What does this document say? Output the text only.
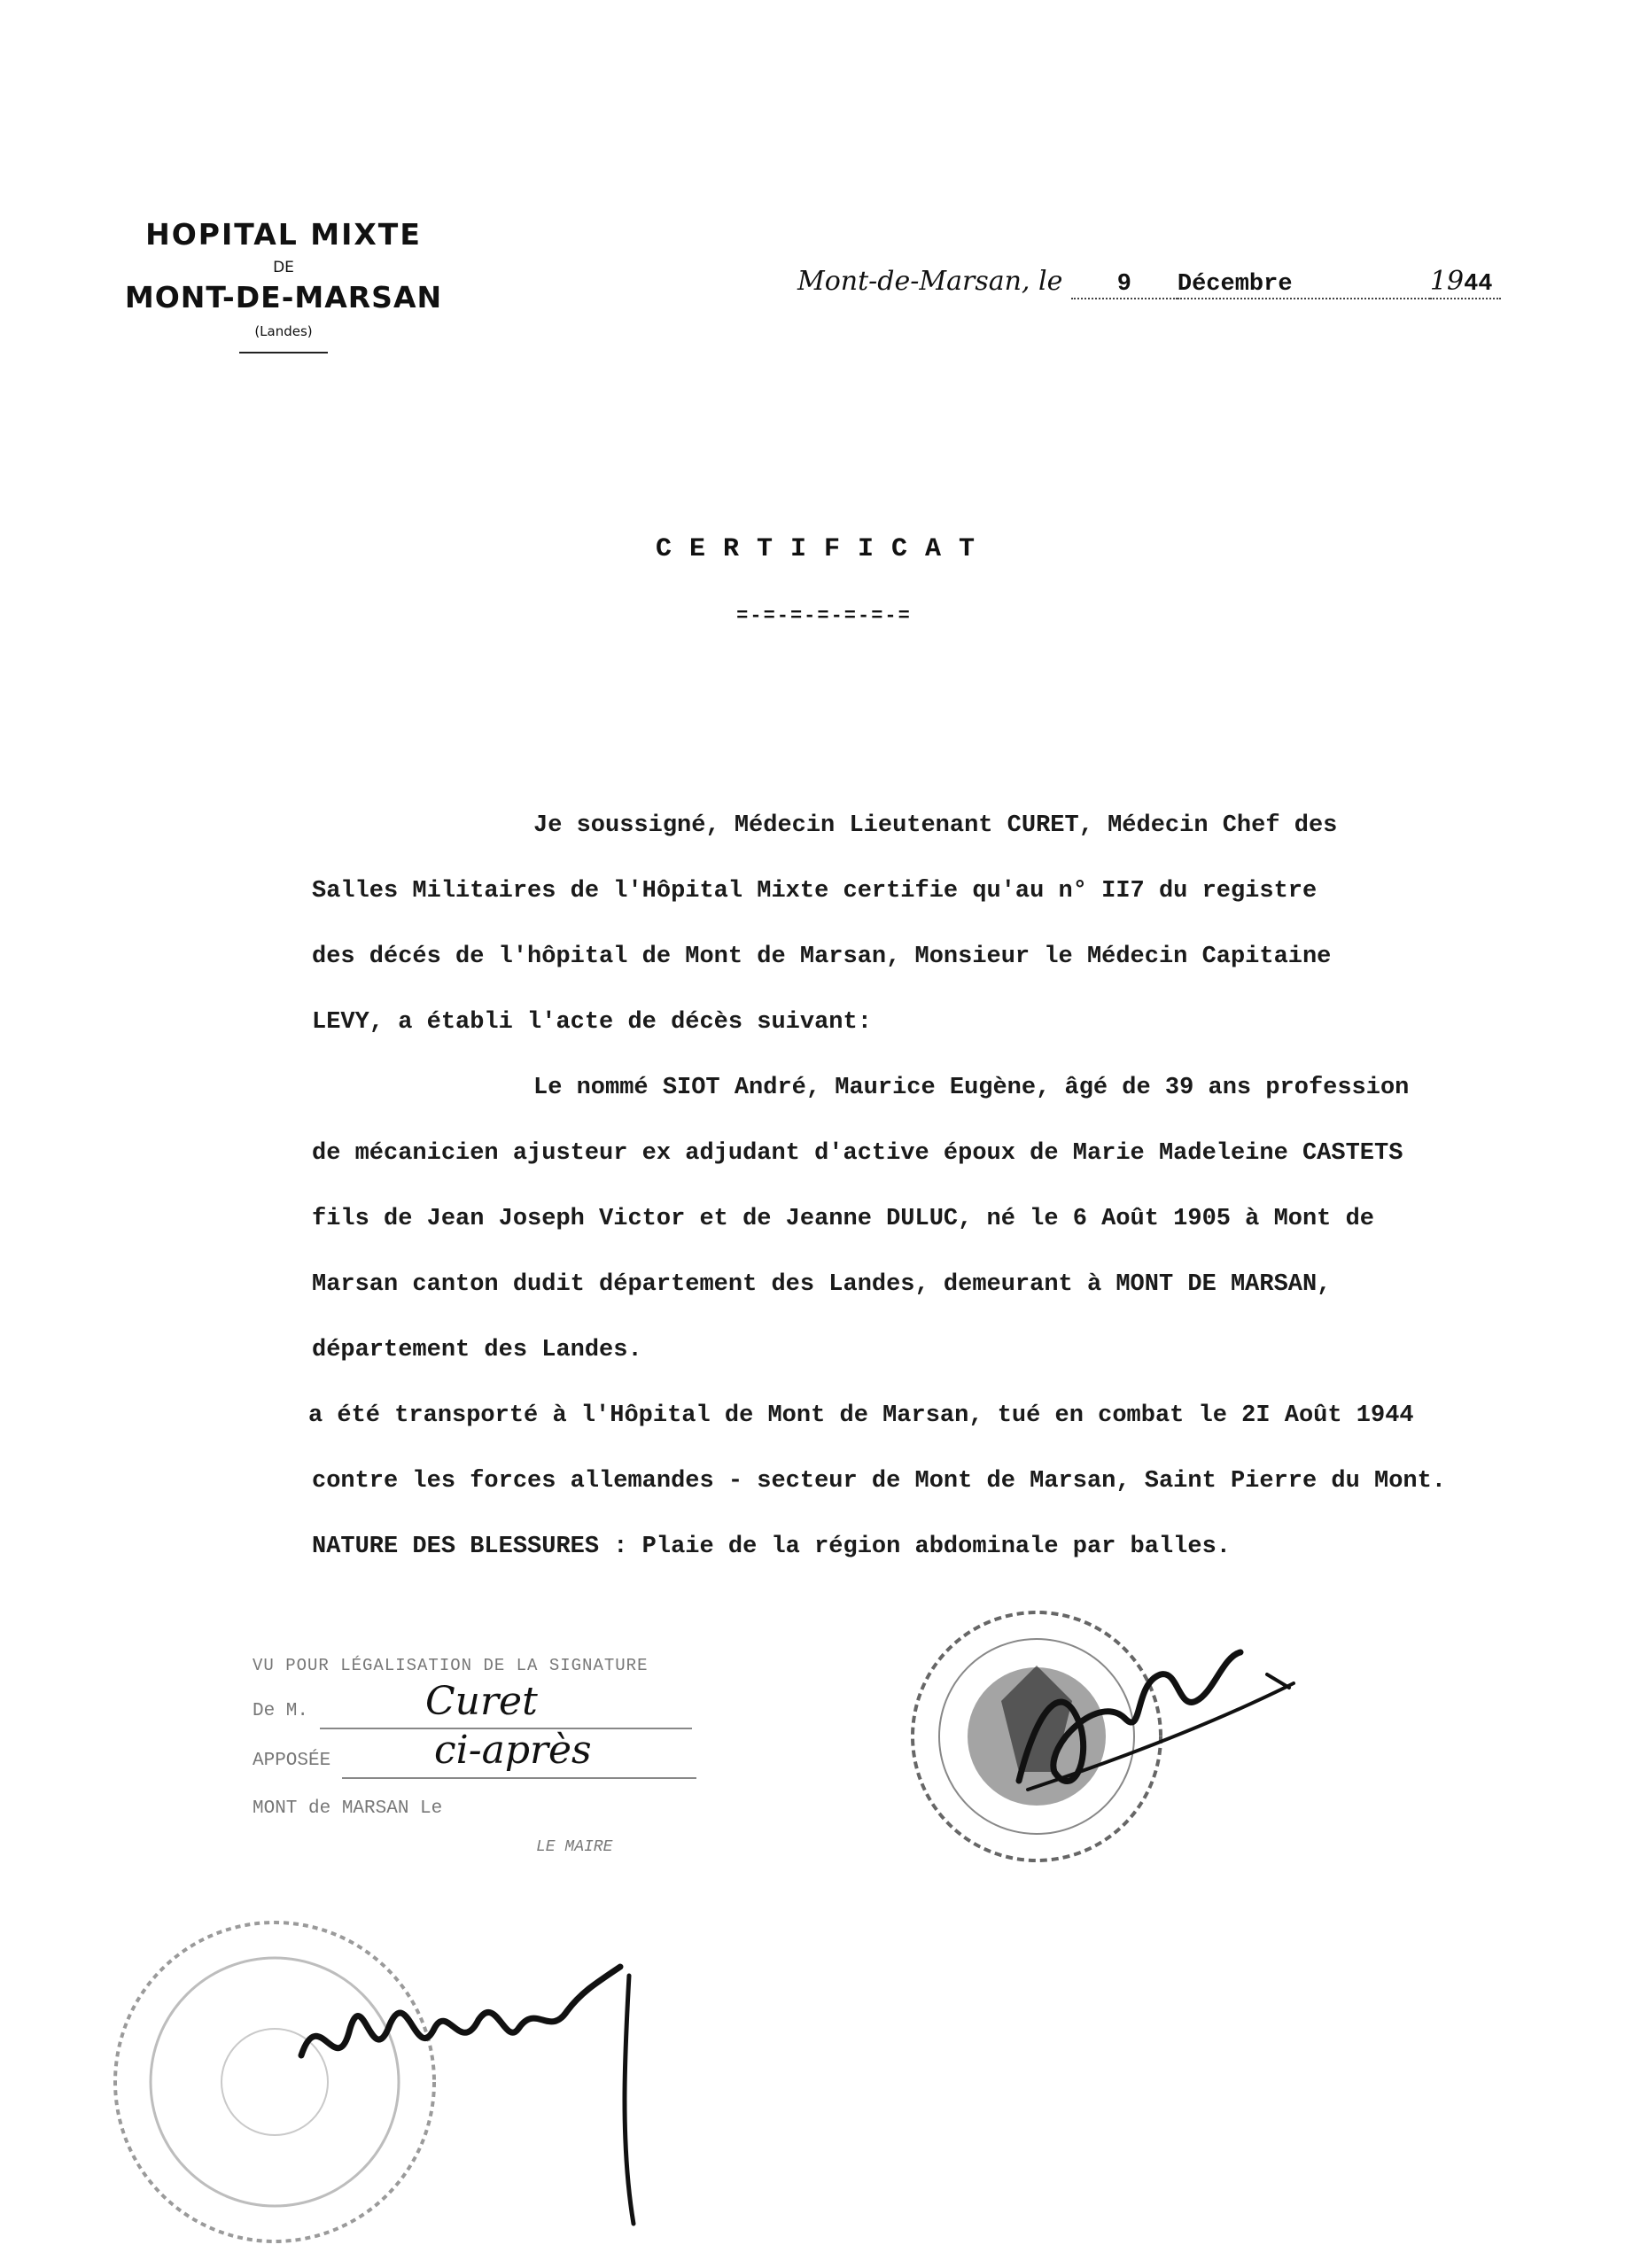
HOPITAL MIXTE
DE
MONT-DE-MARSAN
(Landes)
Mont-de-Marsan, le 9 Décembre	1944
CERTIFICAT
=-=-=-=-=-=-=
Je soussigné, Médecin Lieutenant CURET, Médecin Chef des
Salles Militaires de l'Hôpital Mixte certifie qu'au n° II7 du registre
des décés de l'hôpital de Mont de Marsan, Monsieur le Médecin Capitaine
LEVY, a établi l'acte de décès suivant:
Le nommé SIOT André, Maurice Eugène, âgé de 39 ans profession
de mécanicien ajusteur ex adjudant d'active époux de Marie Madeleine CASTETS
fils de Jean Joseph Victor et de Jeanne DULUC, né le 6 Août 1905 à Mont de
Marsan canton dudit département des Landes, demeurant à MONT DE MARSAN,
département des Landes.
a été transporté à l'Hôpital de Mont de Marsan, tué en combat le 2I Août 1944
contre les forces allemandes - secteur de Mont de Marsan, Saint Pierre du Mont.
NATURE DES BLESSURES : Plaie de la région abdominale par balles.
VU POUR LÉGALISATION DE LA SIGNATURE
De M.
APPOSÉE
MONT de MARSAN Le
LE MAIRE
Curet
ci-après
